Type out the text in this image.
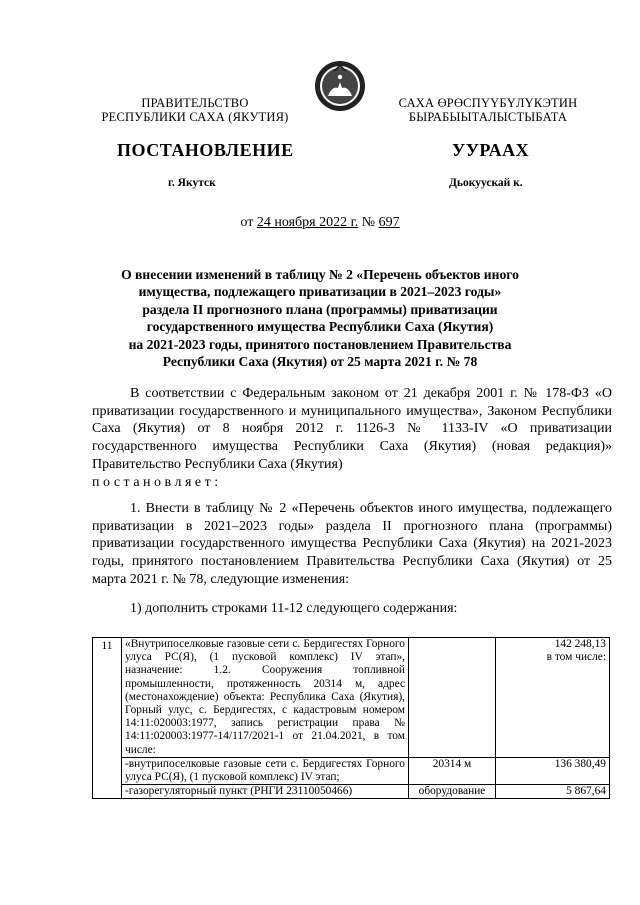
ПРАВИТЕЛЬСТВО
РЕСПУБЛИКИ САХА (ЯКУТИЯ)
САХА ӨРӨСПҮҮБҮЛҮКЭТИН
БЫРАБЫЫТАЛЫСТЫБАТА
ПОСТАНОВЛЕНИЕ	УУРААХ
г. Якутск	Дьокуускай к.
от 24 ноября 2022 г. № 697
О внесении изменений в таблицу № 2 «Перечень объектов иного
имущества, подлежащего приватизации в 2021–2023 годы»
раздела II прогнозного плана (программы) приватизации
государственного имущества Республики Саха (Якутия)
на 2021-2023 годы, принятого постановлением Правительства
Республики Саха (Якутия) от 25 марта 2021 г. № 78
В соответствии с Федеральным законом от 21 декабря 2001 г. № 178-ФЗ «О приватизации государственного и муниципального имущества», Законом Республики Саха (Якутия) от 8 ноября 2012 г. 1126-З № 1133-IV «О приватизации государственного имущества Республики Саха (Якутия) (новая редакция)» Правительство Республики Саха (Якутия)
постановляет:
1. Внести в таблицу № 2 «Перечень объектов иного имущества, подлежащего приватизации в 2021–2023 годы» раздела II прогнозного плана (программы) приватизации государственного имущества Республики Саха (Якутия) на 2021-2023 годы, принятого постановлением Правительства Республики Саха (Якутия) от 25 марта 2021 г. № 78, следующие изменения:
1) дополнить строками 11-12 следующего содержания:
11	«Внутрипоселковые газовые сети с. Бердигестях Горного улуса РС(Я), (1 пусковой комплекс) IV этап», назначение: 1.2. Сооружения топливной промышленности, протяженность 20314 м, адрес (местонахождение) объекта: Республика Саха (Якутия), Горный улус, с. Бердигестях, с кадастровым номером 14:11:020003:1977, запись регистрации права № 14:11:020003:1977-14/117/2021-1 от 21.04.2021, в том числе:		142 248,13
в том числе:

	-внутрипоселковые газовые сети с. Бердигестях Горного улуса РС(Я), (1 пусковой комплекс) IV этап;	20314 м	136 380,49
	-газорегуляторный пункт (РНГИ 23110050466)	оборудование	5 867,64
